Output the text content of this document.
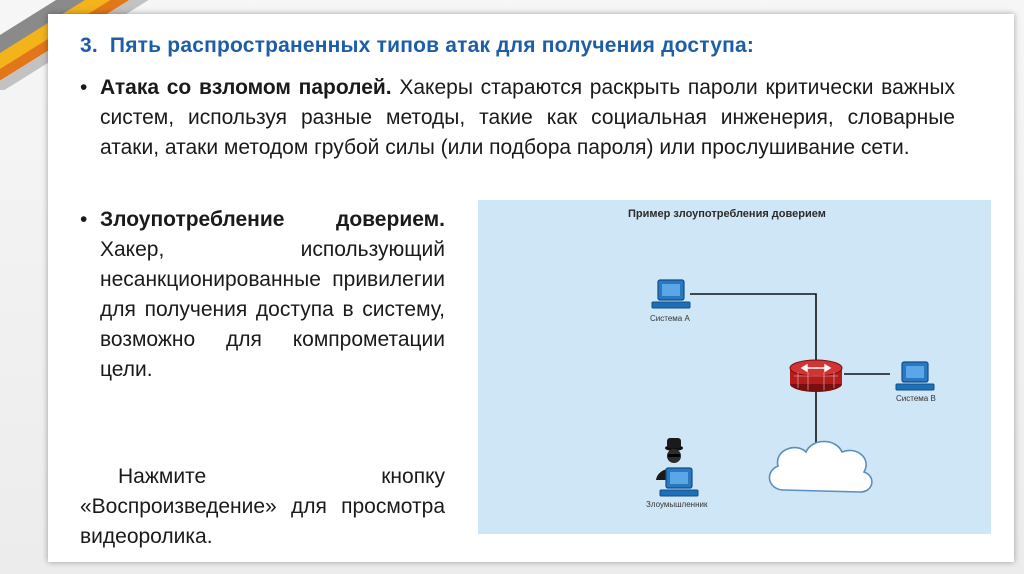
3. Пять распространенных типов атак для получения доступа:
• Атака со взломом паролей. Хакеры стараются раскрыть пароли критически важных систем, используя разные методы, такие как социальная инженерия, словарные атаки, атаки методом грубой силы (или подбора пароля) или прослушивание сети.
• Злоупотребление доверием. Хакер, использующий несанкционированные привилегии для получения доступа в систему, возможно для компрометации цели.
Нажмите кнопку «Воспроизведение» для просмотра видеоролика.
Пример злоупотребления доверием
Система A
Система B
Злоумышленник
